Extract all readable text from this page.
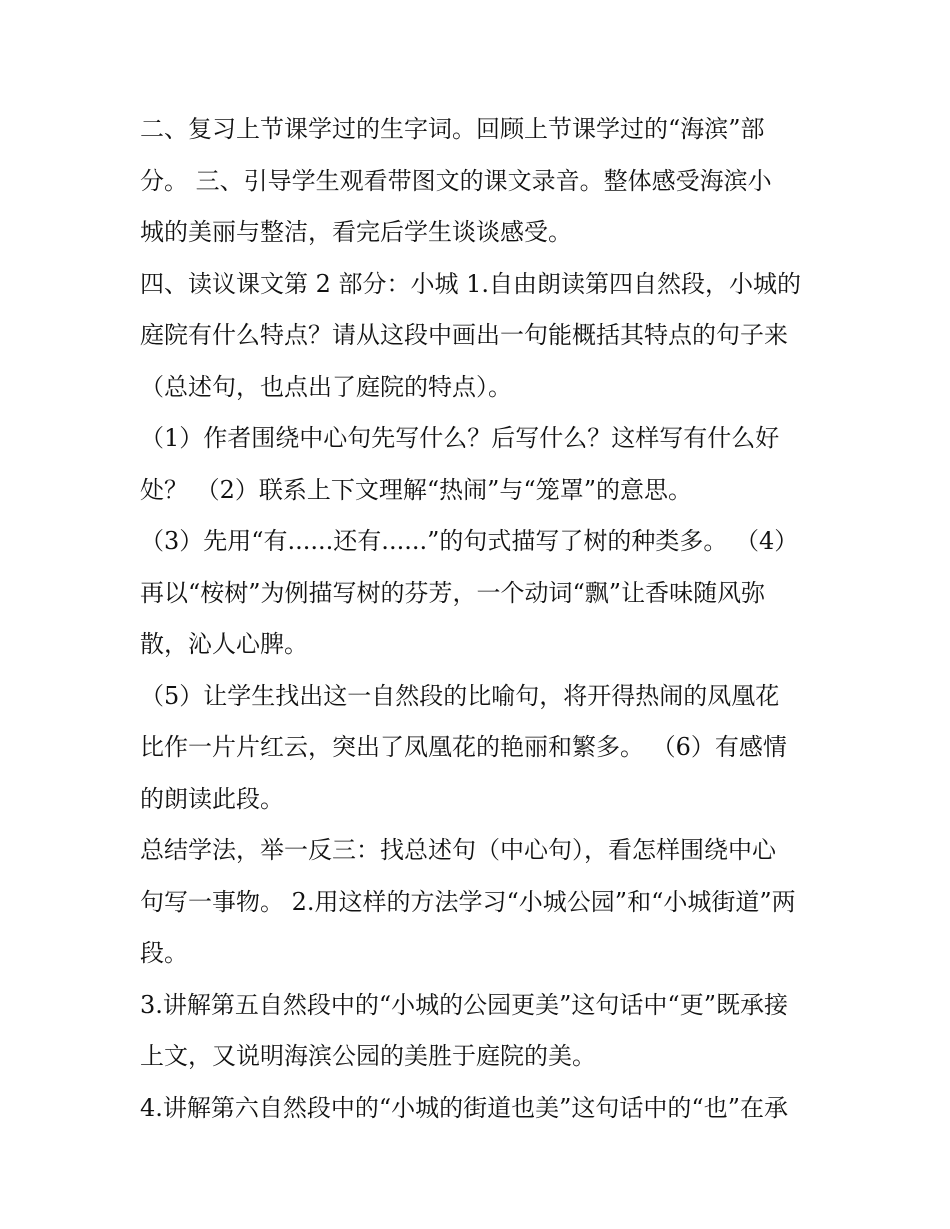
二、复习上节课学过的生字词。回顾上节课学过的“海滨”部
分。 三、引导学生观看带图文的课文录音。整体感受海滨小
城的美丽与整洁，看完后学生谈谈感受。
四、读议课文第 2 部分：小城 1.自由朗读第四自然段，小城的
庭院有什么特点？请从这段中画出一句能概括其特点的句子来
（总述句，也点出了庭院的特点）。
（1）作者围绕中心句先写什么？后写什么？这样写有什么好
处？ （2）联系上下文理解“热闹”与“笼罩”的意思。
（3）先用“有......还有......”的句式描写了树的种类多。 （4）
再以“桉树”为例描写树的芬芳，一个动词“飘”让香味随风弥
散，沁人心脾。
（5）让学生找出这一自然段的比喻句，将开得热闹的凤凰花
比作一片片红云，突出了凤凰花的艳丽和繁多。 （6）有感情
的朗读此段。
总结学法，举一反三：找总述句（中心句），看怎样围绕中心
句写一事物。 2.用这样的方法学习“小城公园”和“小城街道”两
段。
3.讲解第五自然段中的“小城的公园更美”这句话中“更”既承接
上文，又说明海滨公园的美胜于庭院的美。
4.讲解第六自然段中的“小城的街道也美”这句话中的“也”在承
